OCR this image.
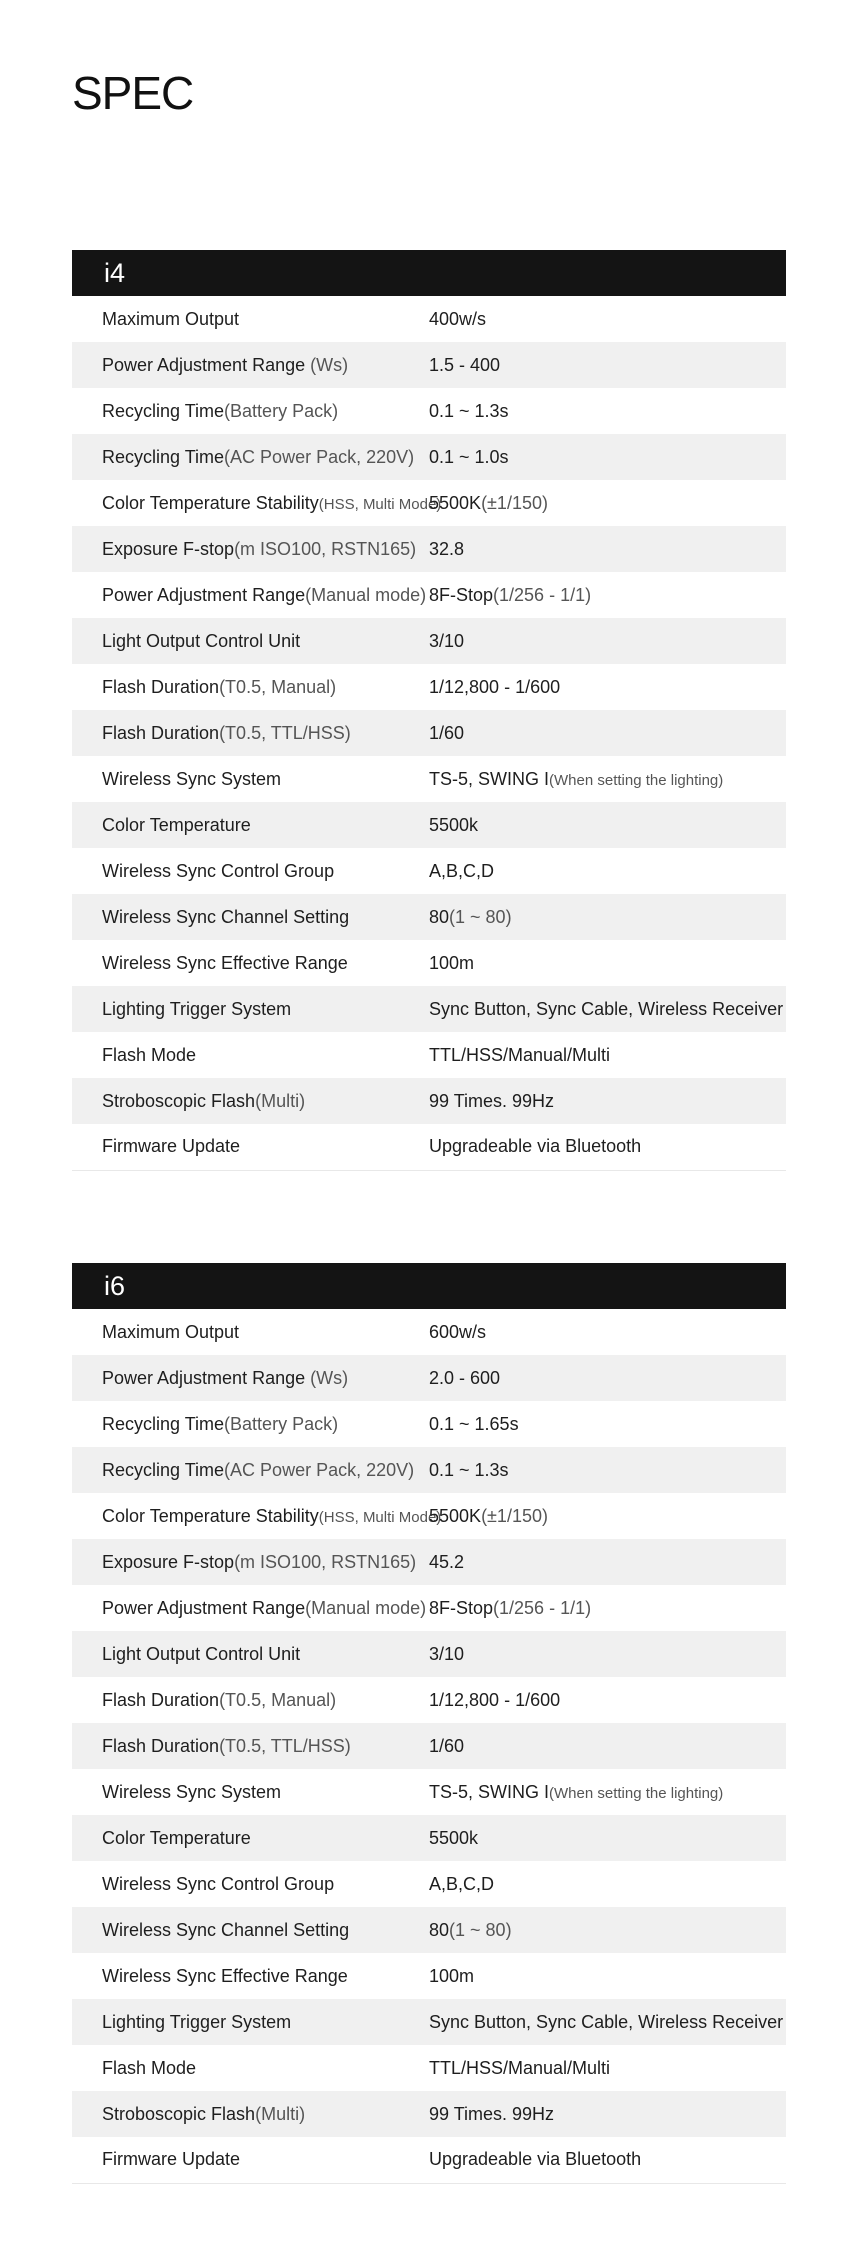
SPEC
i4
Maximum Output	400w/s
Power Adjustment Range (Ws)	1.5 - 400
Recycling Time(Battery Pack)	0.1 ~ 1.3s
Recycling Time(AC Power Pack, 220V)	0.1 ~ 1.0s
Color Temperature Stability(HSS, Multi Mode)	5500K(±1/150)
Exposure F-stop(m ISO100, RSTN165)	32.8
Power Adjustment Range(Manual mode)	8F-Stop(1/256 - 1/1)
Light Output Control Unit	3/10
Flash Duration(T0.5, Manual)	1/12,800 - 1/600
Flash Duration(T0.5, TTL/HSS)	1/60
Wireless Sync System	TS-5, SWING I(When setting the lighting)
Color Temperature	5500k
Wireless Sync Control Group	A,B,C,D
Wireless Sync Channel Setting	80(1 ~ 80)
Wireless Sync Effective Range	100m
Lighting Trigger System	Sync Button, Sync Cable, Wireless Receiver
Flash Mode	TTL/HSS/Manual/Multi
Stroboscopic Flash(Multi)	99 Times. 99Hz
Firmware Update	Upgradeable via Bluetooth
i6
Maximum Output	600w/s
Power Adjustment Range (Ws)	2.0 - 600
Recycling Time(Battery Pack)	0.1 ~ 1.65s
Recycling Time(AC Power Pack, 220V)	0.1 ~ 1.3s
Color Temperature Stability(HSS, Multi Mode)	5500K(±1/150)
Exposure F-stop(m ISO100, RSTN165)	45.2
Power Adjustment Range(Manual mode)	8F-Stop(1/256 - 1/1)
Light Output Control Unit	3/10
Flash Duration(T0.5, Manual)	1/12,800 - 1/600
Flash Duration(T0.5, TTL/HSS)	1/60
Wireless Sync System	TS-5, SWING I(When setting the lighting)
Color Temperature	5500k
Wireless Sync Control Group	A,B,C,D
Wireless Sync Channel Setting	80(1 ~ 80)
Wireless Sync Effective Range	100m
Lighting Trigger System	Sync Button, Sync Cable, Wireless Receiver
Flash Mode	TTL/HSS/Manual/Multi
Stroboscopic Flash(Multi)	99 Times. 99Hz
Firmware Update	Upgradeable via Bluetooth
